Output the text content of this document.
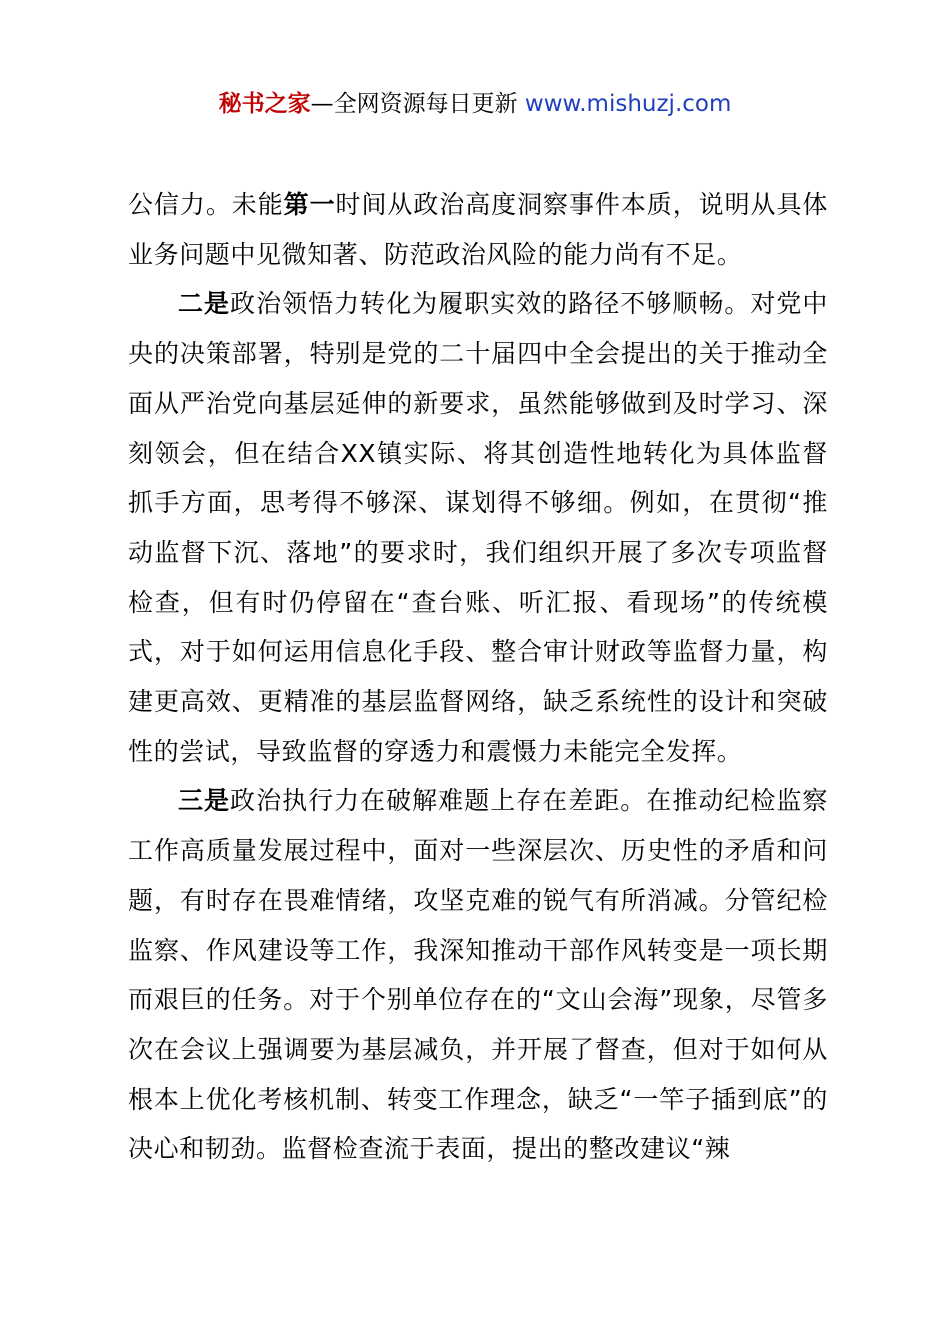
秘书之家—全网资源每日更新 www.mishuzj.com

公信力。未能第一时间从政治高度洞察事件本质，说明从具体业务问题中见微知著、防范政治风险的能力尚有不足。

二是政治领悟力转化为履职实效的路径不够顺畅。对党中央的决策部署，特别是党的二十届四中全会提出的关于推动全面从严治党向基层延伸的新要求，虽然能够做到及时学习、深刻领会，但在结合XX镇实际、将其创造性地转化为具体监督抓手方面，思考得不够深、谋划得不够细。例如，在贯彻“推动监督下沉、落地”的要求时，我们组织开展了多次专项监督检查，但有时仍停留在“查台账、听汇报、看现场”的传统模式，对于如何运用信息化手段、整合审计财政等监督力量，构建更高效、更精准的基层监督网络，缺乏系统性的设计和突破性的尝试，导致监督的穿透力和震慑力未能完全发挥。

三是政治执行力在破解难题上存在差距。在推动纪检监察工作高质量发展过程中，面对一些深层次、历史性的矛盾和问题，有时存在畏难情绪，攻坚克难的锐气有所消减。分管纪检监察、作风建设等工作，我深知推动干部作风转变是一项长期而艰巨的任务。对于个别单位存在的“文山会海”现象，尽管多次在会议上强调要为基层减负，并开展了督查，但对于如何从根本上优化考核机制、转变工作理念，缺乏“一竿子插到底”的决心和韧劲。监督检查流于表面，提出的整改建议“辣
